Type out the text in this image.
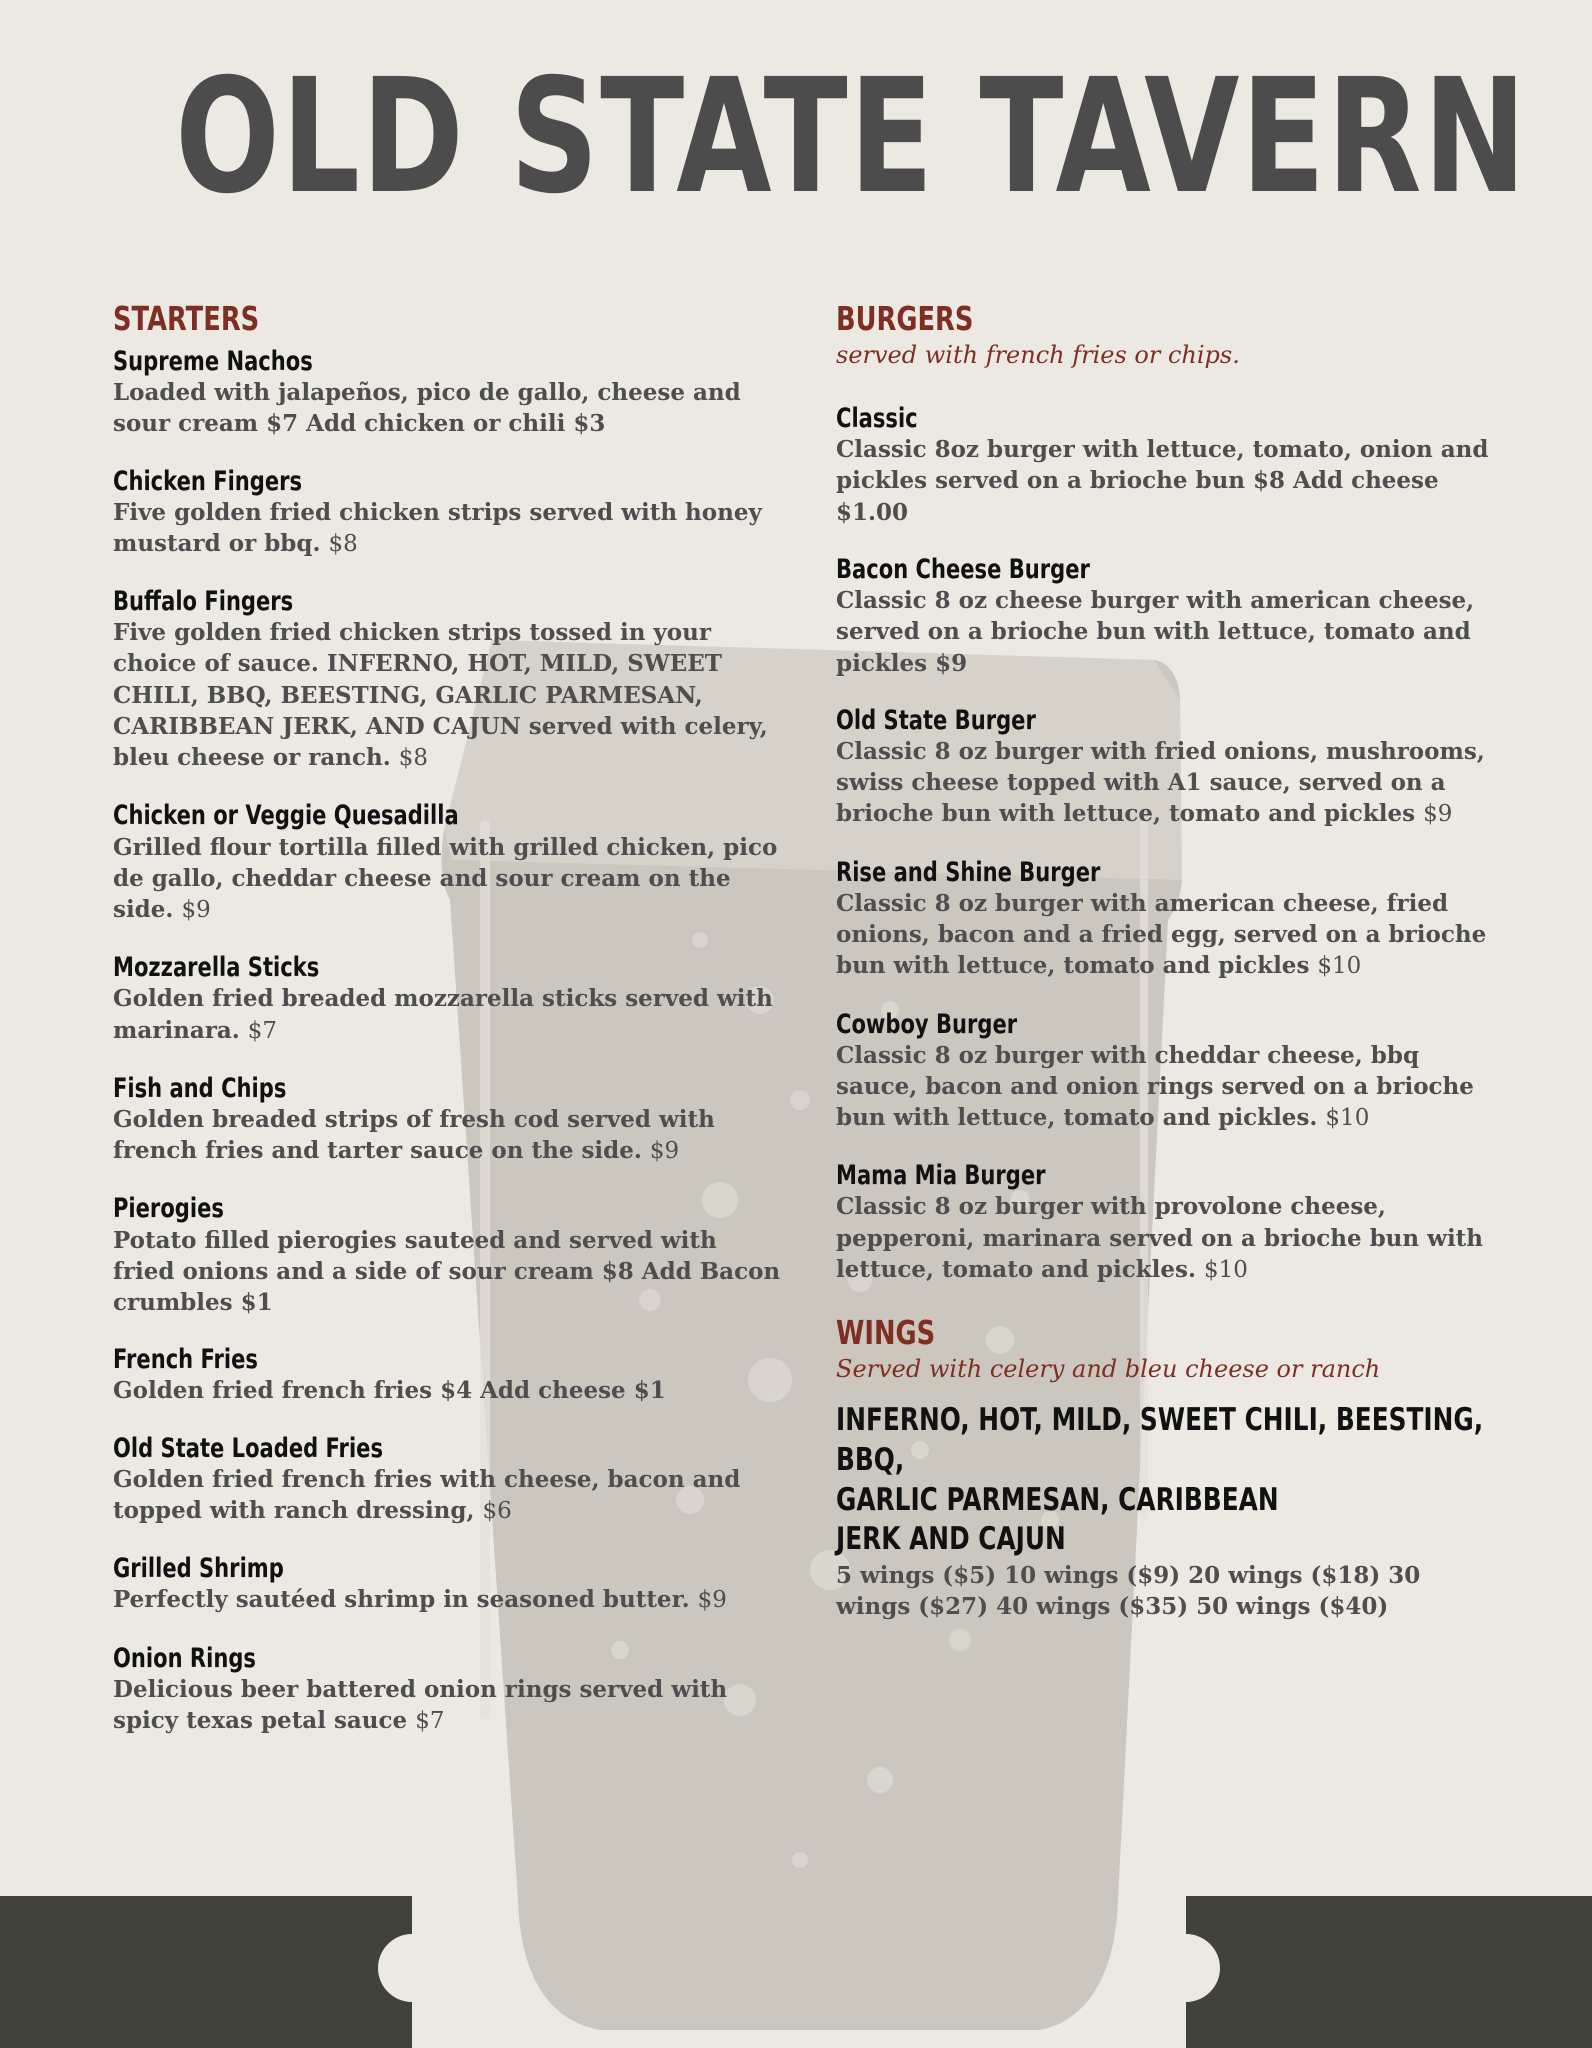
OLD STATE TAVERN
STARTERS
Supreme Nachos
Loaded with jalapeños, pico de gallo, cheese and sour cream $7 Add chicken or chili $3
Chicken Fingers
Five golden fried chicken strips served with honey mustard or bbq. $8
Buffalo Fingers
Five golden fried chicken strips tossed in your choice of sauce. INFERNO, HOT, MILD, SWEET CHILI, BBQ, BEESTING, GARLIC PARMESAN, CARIBBEAN JERK, AND CAJUN served with celery, bleu cheese or ranch. $8
Chicken or Veggie Quesadilla
Grilled flour tortilla filled with grilled chicken, pico de gallo, cheddar cheese and sour cream on the side. $9
Mozzarella Sticks
Golden fried breaded mozzarella sticks served with marinara. $7
Fish and Chips
Golden breaded strips of fresh cod served with french fries and tarter sauce on the side. $9
Pierogies
Potato filled pierogies sauteed and served with fried onions and a side of sour cream $8 Add Bacon crumbles $1
French Fries
Golden fried french fries $4 Add cheese $1
Old State Loaded Fries
Golden fried french fries with cheese, bacon and topped with ranch dressing, $6
Grilled Shrimp
Perfectly sautéed shrimp in seasoned butter. $9
Onion Rings
Delicious beer battered onion rings served with spicy texas petal sauce $7
BURGERS
served with french fries or chips.
Classic
Classic 8oz burger with lettuce, tomato, onion and pickles served on a brioche bun $8 Add cheese $1.00
Bacon Cheese Burger
Classic 8 oz cheese burger with american cheese, served on a brioche bun with lettuce, tomato and pickles $9
Old State Burger
Classic 8 oz burger with fried onions, mushrooms, swiss cheese topped with A1 sauce, served on a brioche bun with lettuce, tomato and pickles $9
Rise and Shine Burger
Classic 8 oz burger with american cheese, fried onions, bacon and a fried egg, served on a brioche bun with lettuce, tomato and pickles $10
Cowboy Burger
Classic 8 oz burger with cheddar cheese, bbq sauce, bacon and onion rings served on a brioche bun with lettuce, tomato and pickles. $10
Mama Mia Burger
Classic 8 oz burger with provolone cheese, pepperoni, marinara served on a brioche bun with lettuce, tomato and pickles. $10
WINGS
Served with celery and bleu cheese or ranch
INFERNO, HOT, MILD, SWEET CHILI, BEESTING, BBQ,
GARLIC PARMESAN, CARIBBEAN
JERK AND CAJUN
5 wings ($5) 10 wings ($9) 20 wings ($18) 30 wings ($27) 40 wings ($35) 50 wings ($40)
